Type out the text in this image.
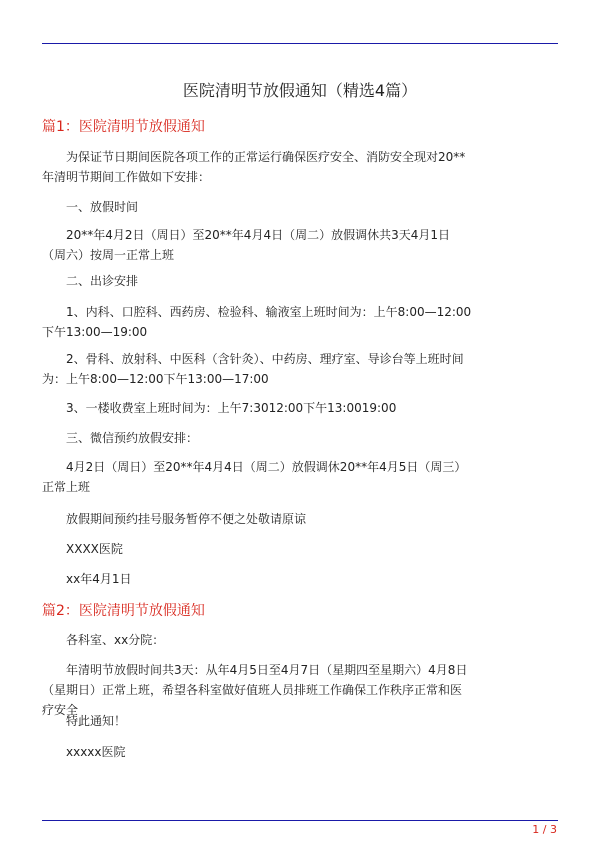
医院清明节放假通知（精选4篇）
篇1：医院清明节放假通知

为保证节日期间医院各项工作的正常运行确保医疗安全、消防安全现对20**年清明节期间工作做如下安排：

一、放假时间

20**年4月2日（周日）至20**年4月4日（周二）放假调休共3天4月1日（周六）按周一正常上班

二、出诊安排

1、内科、口腔科、西药房、检验科、输液室上班时间为：上午8:00—12:00下午13:00—19:00

2、骨科、放射科、中医科（含针灸）、中药房、理疗室、导诊台等上班时间为：上午8:00—12:00下午13:00—17:00

3、一楼收费室上班时间为：上午7:3012:00下午13:0019:00

三、微信预约放假安排：

4月2日（周日）至20**年4月4日（周二）放假调休20**年4月5日（周三）正常上班

放假期间预约挂号服务暂停不便之处敬请原谅

XXXX医院

xx年4月1日

篇2：医院清明节放假通知

各科室、xx分院：

年清明节放假时间共3天：从年4月5日至4月7日（星期四至星期六）4月8日（星期日）正常上班，希望各科室做好值班人员排班工作确保工作秩序正常和医疗安全

特此通知！

xxxxx医院

1 / 3
